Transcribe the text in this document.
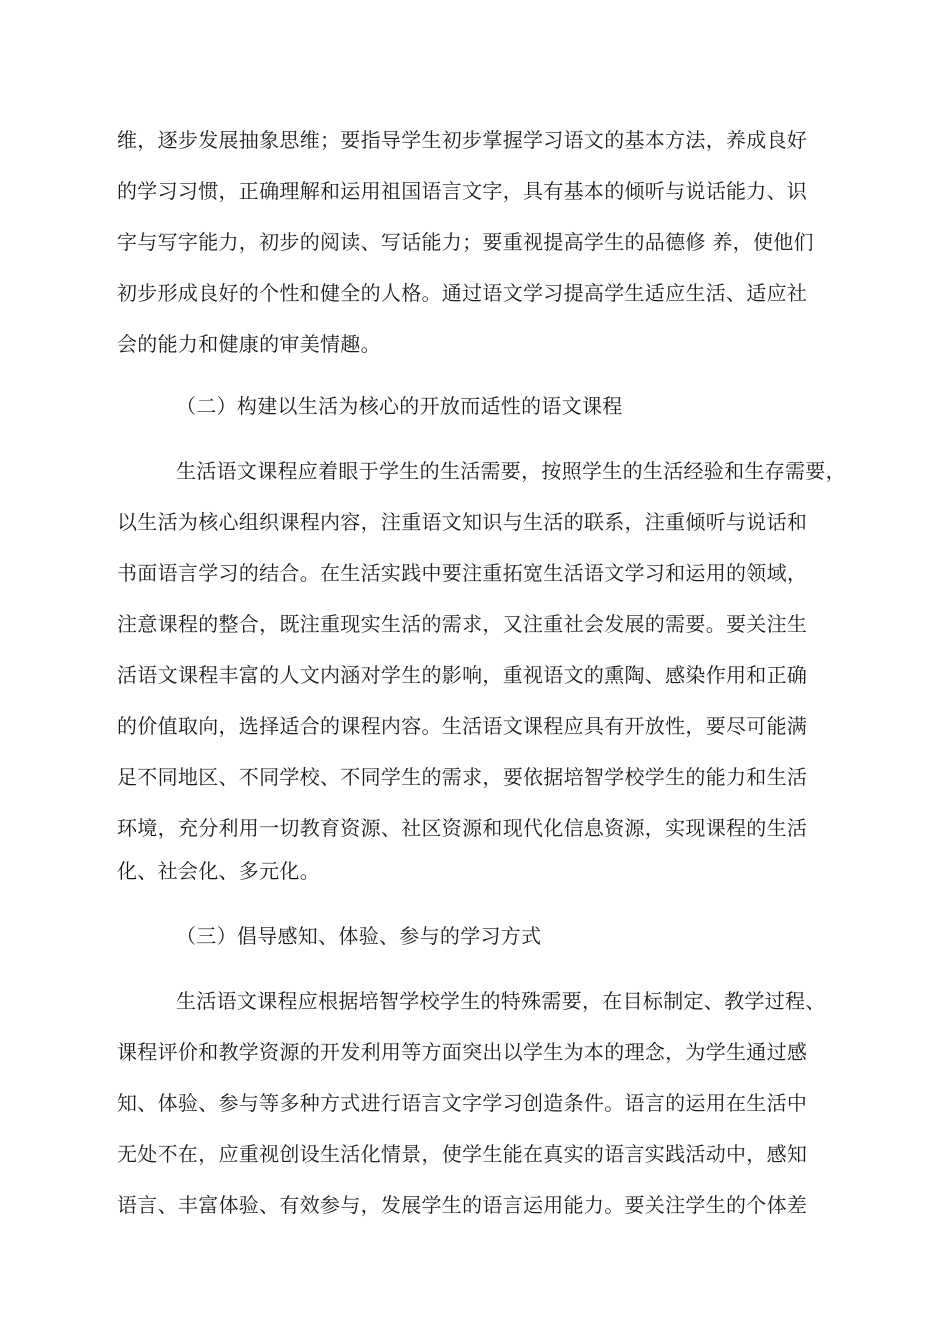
维，逐步发展抽象思维；要指导学生初步掌握学习语文的基本方法，养成良好
的学习习惯，正确理解和运用祖国语言文字，具有基本的倾听与说话能力、识
字与写字能力，初步的阅读、写话能力；要重视提高学生的品德修 养，使他们
初步形成良好的个性和健全的人格。通过语文学习提高学生适应生活、适应社
会的能力和健康的审美情趣。
（二）构建以生活为核心的开放而适性的语文课程
生活语文课程应着眼于学生的生活需要，按照学生的生活经验和生存需要，
以生活为核心组织课程内容，注重语文知识与生活的联系，注重倾听与说话和
书面语言学习的结合。在生活实践中要注重拓宽生活语文学习和运用的领域，
注意课程的整合，既注重现实生活的需求，又注重社会发展的需要。要关注生
活语文课程丰富的人文内涵对学生的影响，重视语文的熏陶、感染作用和正确
的价值取向，选择适合的课程内容。生活语文课程应具有开放性，要尽可能满
足不同地区、不同学校、不同学生的需求，要依据培智学校学生的能力和生活
环境，充分利用一切教育资源、社区资源和现代化信息资源，实现课程的生活
化、社会化、多元化。
（三）倡导感知、体验、参与的学习方式
生活语文课程应根据培智学校学生的特殊需要，在目标制定、教学过程、
课程评价和教学资源的开发利用等方面突出以学生为本的理念，为学生通过感
知、体验、参与等多种方式进行语言文字学习创造条件。语言的运用在生活中
无处不在，应重视创设生活化情景，使学生能在真实的语言实践活动中，感知
语言、丰富体验、有效参与，发展学生的语言运用能力。要关注学生的个体差
